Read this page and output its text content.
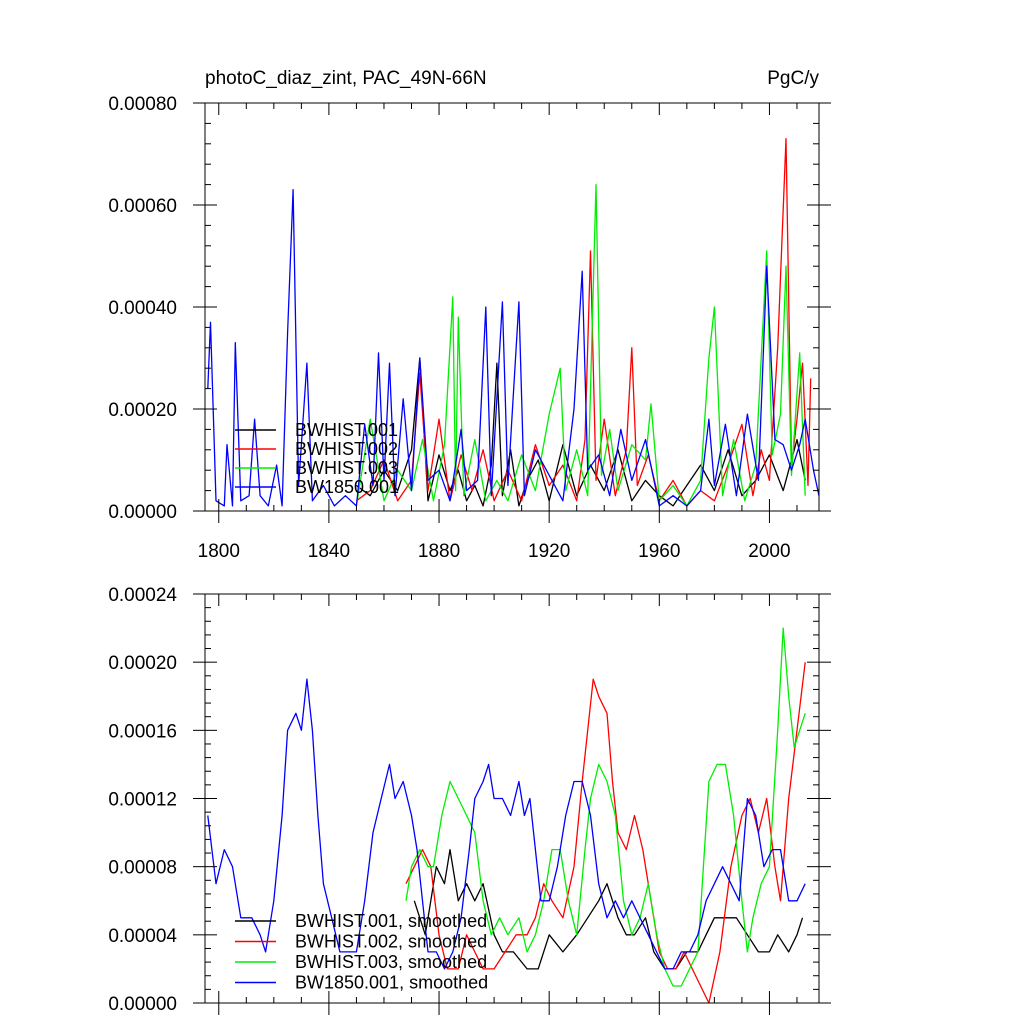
1800	1840	1880	1920	1960	2000
0.00000
0.00020
0.00040
0.00060
0.00080
photoC_diaz_zint, PAC_49N-66N	PgC/y
BWHIST.001
BWHIST.002
BWHIST.003
BW1850.001
0.00000
0.00004
0.00008
0.00012
0.00016
0.00020
0.00024
BWHIST.001, smoothed
BWHIST.002, smoothed
BWHIST.003, smoothed
BW1850.001, smoothed
